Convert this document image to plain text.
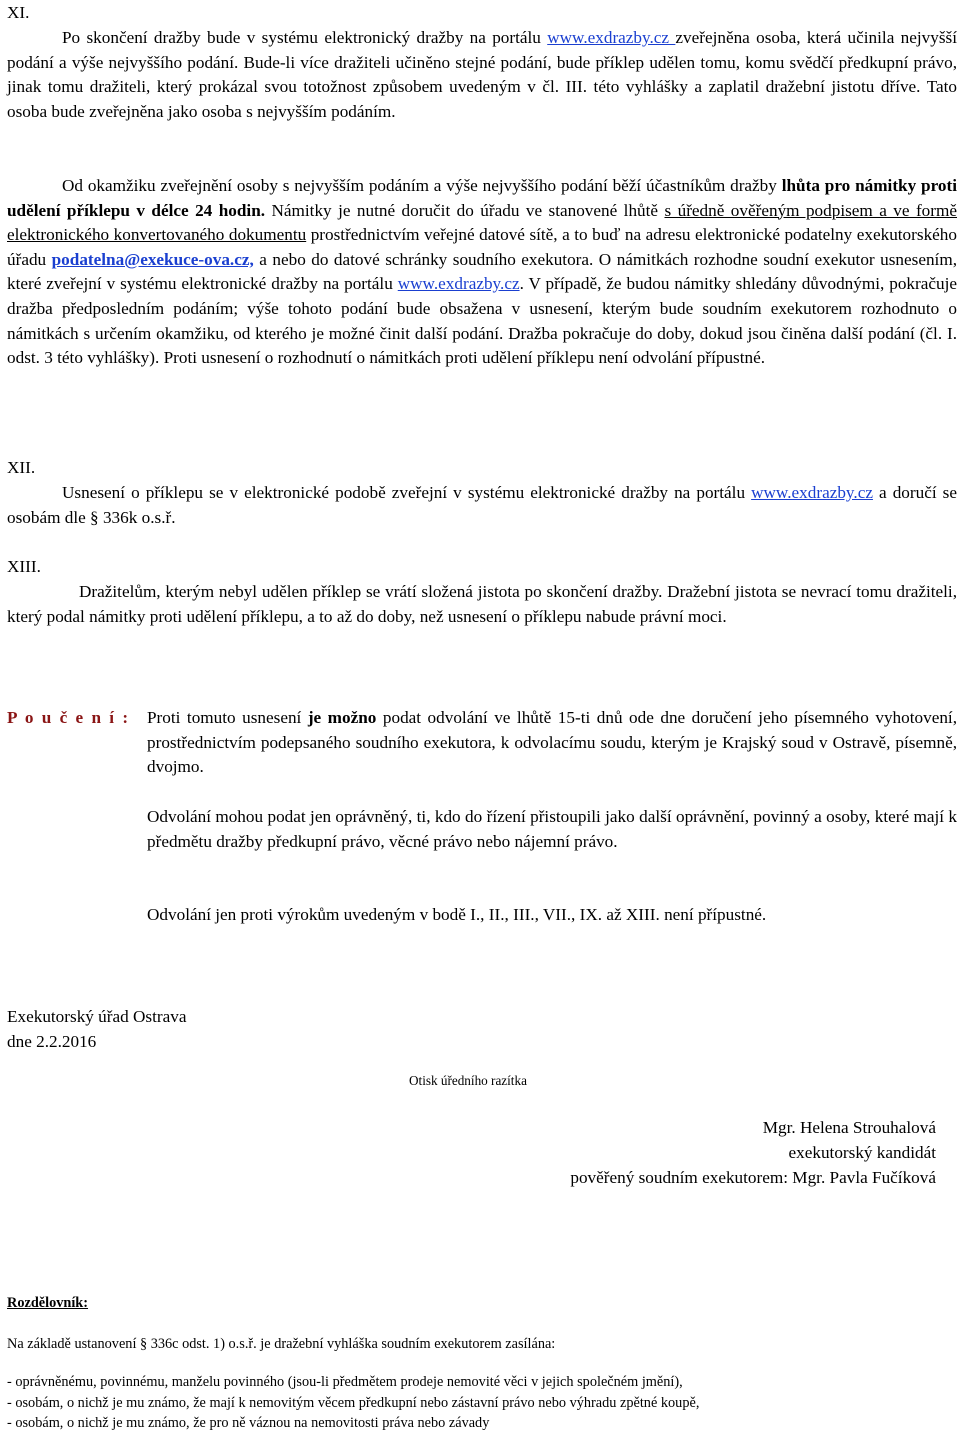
XI.
Po skončení dražby bude v systému elektronický dražby na portálu www.exdrazby.cz zveřejněna osoba, která učinila nejvyšší podání a výše nejvyššího podání. Bude-li více dražiteli učiněno stejné podání, bude příklep udělen tomu, komu svědčí předkupní právo, jinak tomu dražiteli, který prokázal svou totožnost způsobem uvedeným v čl. III. této vyhlášky a zaplatil dražební jistotu dříve. Tato osoba bude zveřejněna jako osoba s nejvyšším podáním.
Od okamžiku zveřejnění osoby s nejvyšším podáním a výše nejvyššího podání běží účastníkům dražby lhůta pro námitky proti udělení příklepu v délce 24 hodin. Námitky je nutné doručit do úřadu ve stanovené lhůtě s úředně ověřeným podpisem a ve formě elektronického konvertovaného dokumentu prostřednictvím veřejné datové sítě, a to buď na adresu elektronické podatelny exekutorského úřadu podatelna@exekuce-ova.cz, a nebo do datové schránky soudního exekutora. O námitkách rozhodne soudní exekutor usnesením, které zveřejní v systému elektronické dražby na portálu www.exdrazby.cz. V případě, že budou námitky shledány důvodnými, pokračuje dražba předposledním podáním; výše tohoto podání bude obsažena v usnesení, kterým bude soudním exekutorem rozhodnuto o námitkách s určením okamžiku, od kterého je možné činit další podání. Dražba pokračuje do doby, dokud jsou činěna další podání (čl. I. odst. 3 této vyhlášky). Proti usnesení o rozhodnutí o námitkách proti udělení příklepu není odvolání přípustné.
XII.
Usnesení o příklepu se v elektronické podobě zveřejní v systému elektronické dražby na portálu www.exdrazby.cz a doručí se osobám dle § 336k o.s.ř.
XIII.
Dražitelům, kterým nebyl udělen příklep se vrátí složená jistota po skončení dražby. Dražební jistota se nevrací tomu dražiteli, který podal námitky proti udělení příklepu, a to až do doby, než usnesení o příklepu nabude právní moci.
P o u č e n í : Proti tomuto usnesení je možno podat odvolání ve lhůtě 15-ti dnů ode dne doručení jeho písemného vyhotovení, prostřednictvím podepsaného soudního exekutora, k odvolacímu soudu, kterým je Krajský soud v Ostravě, písemně, dvojmo.
Odvolání mohou podat jen oprávněný, ti, kdo do řízení přistoupili jako další oprávnění, povinný a osoby, které mají k předmětu dražby předkupní právo, věcné právo nebo nájemní právo.
Odvolání jen proti výrokům uvedeným v bodě I., II., III., VII., IX. až XIII. není přípustné.
Exekutorský úřad Ostrava
dne 2.2.2016
Otisk úředního razítka
Mgr. Helena Strouhalová
exekutorský kandidát
pověřený soudním exekutorem: Mgr. Pavla Fučíková
Rozdělovník:
Na základě ustanovení § 336c odst. 1) o.s.ř. je dražební vyhláška soudním exekutorem zasílána:
- oprávněnému, povinnému, manželu povinného (jsou-li předmětem prodeje nemovité věci v jejich společném jmění),
- osobám, o nichž je mu známo, že mají k nemovitým věcem předkupní nebo zástavní právo nebo výhradu zpětné koupě,
- osobám, o nichž je mu známo, že pro ně váznou na nemovitosti práva nebo závady
